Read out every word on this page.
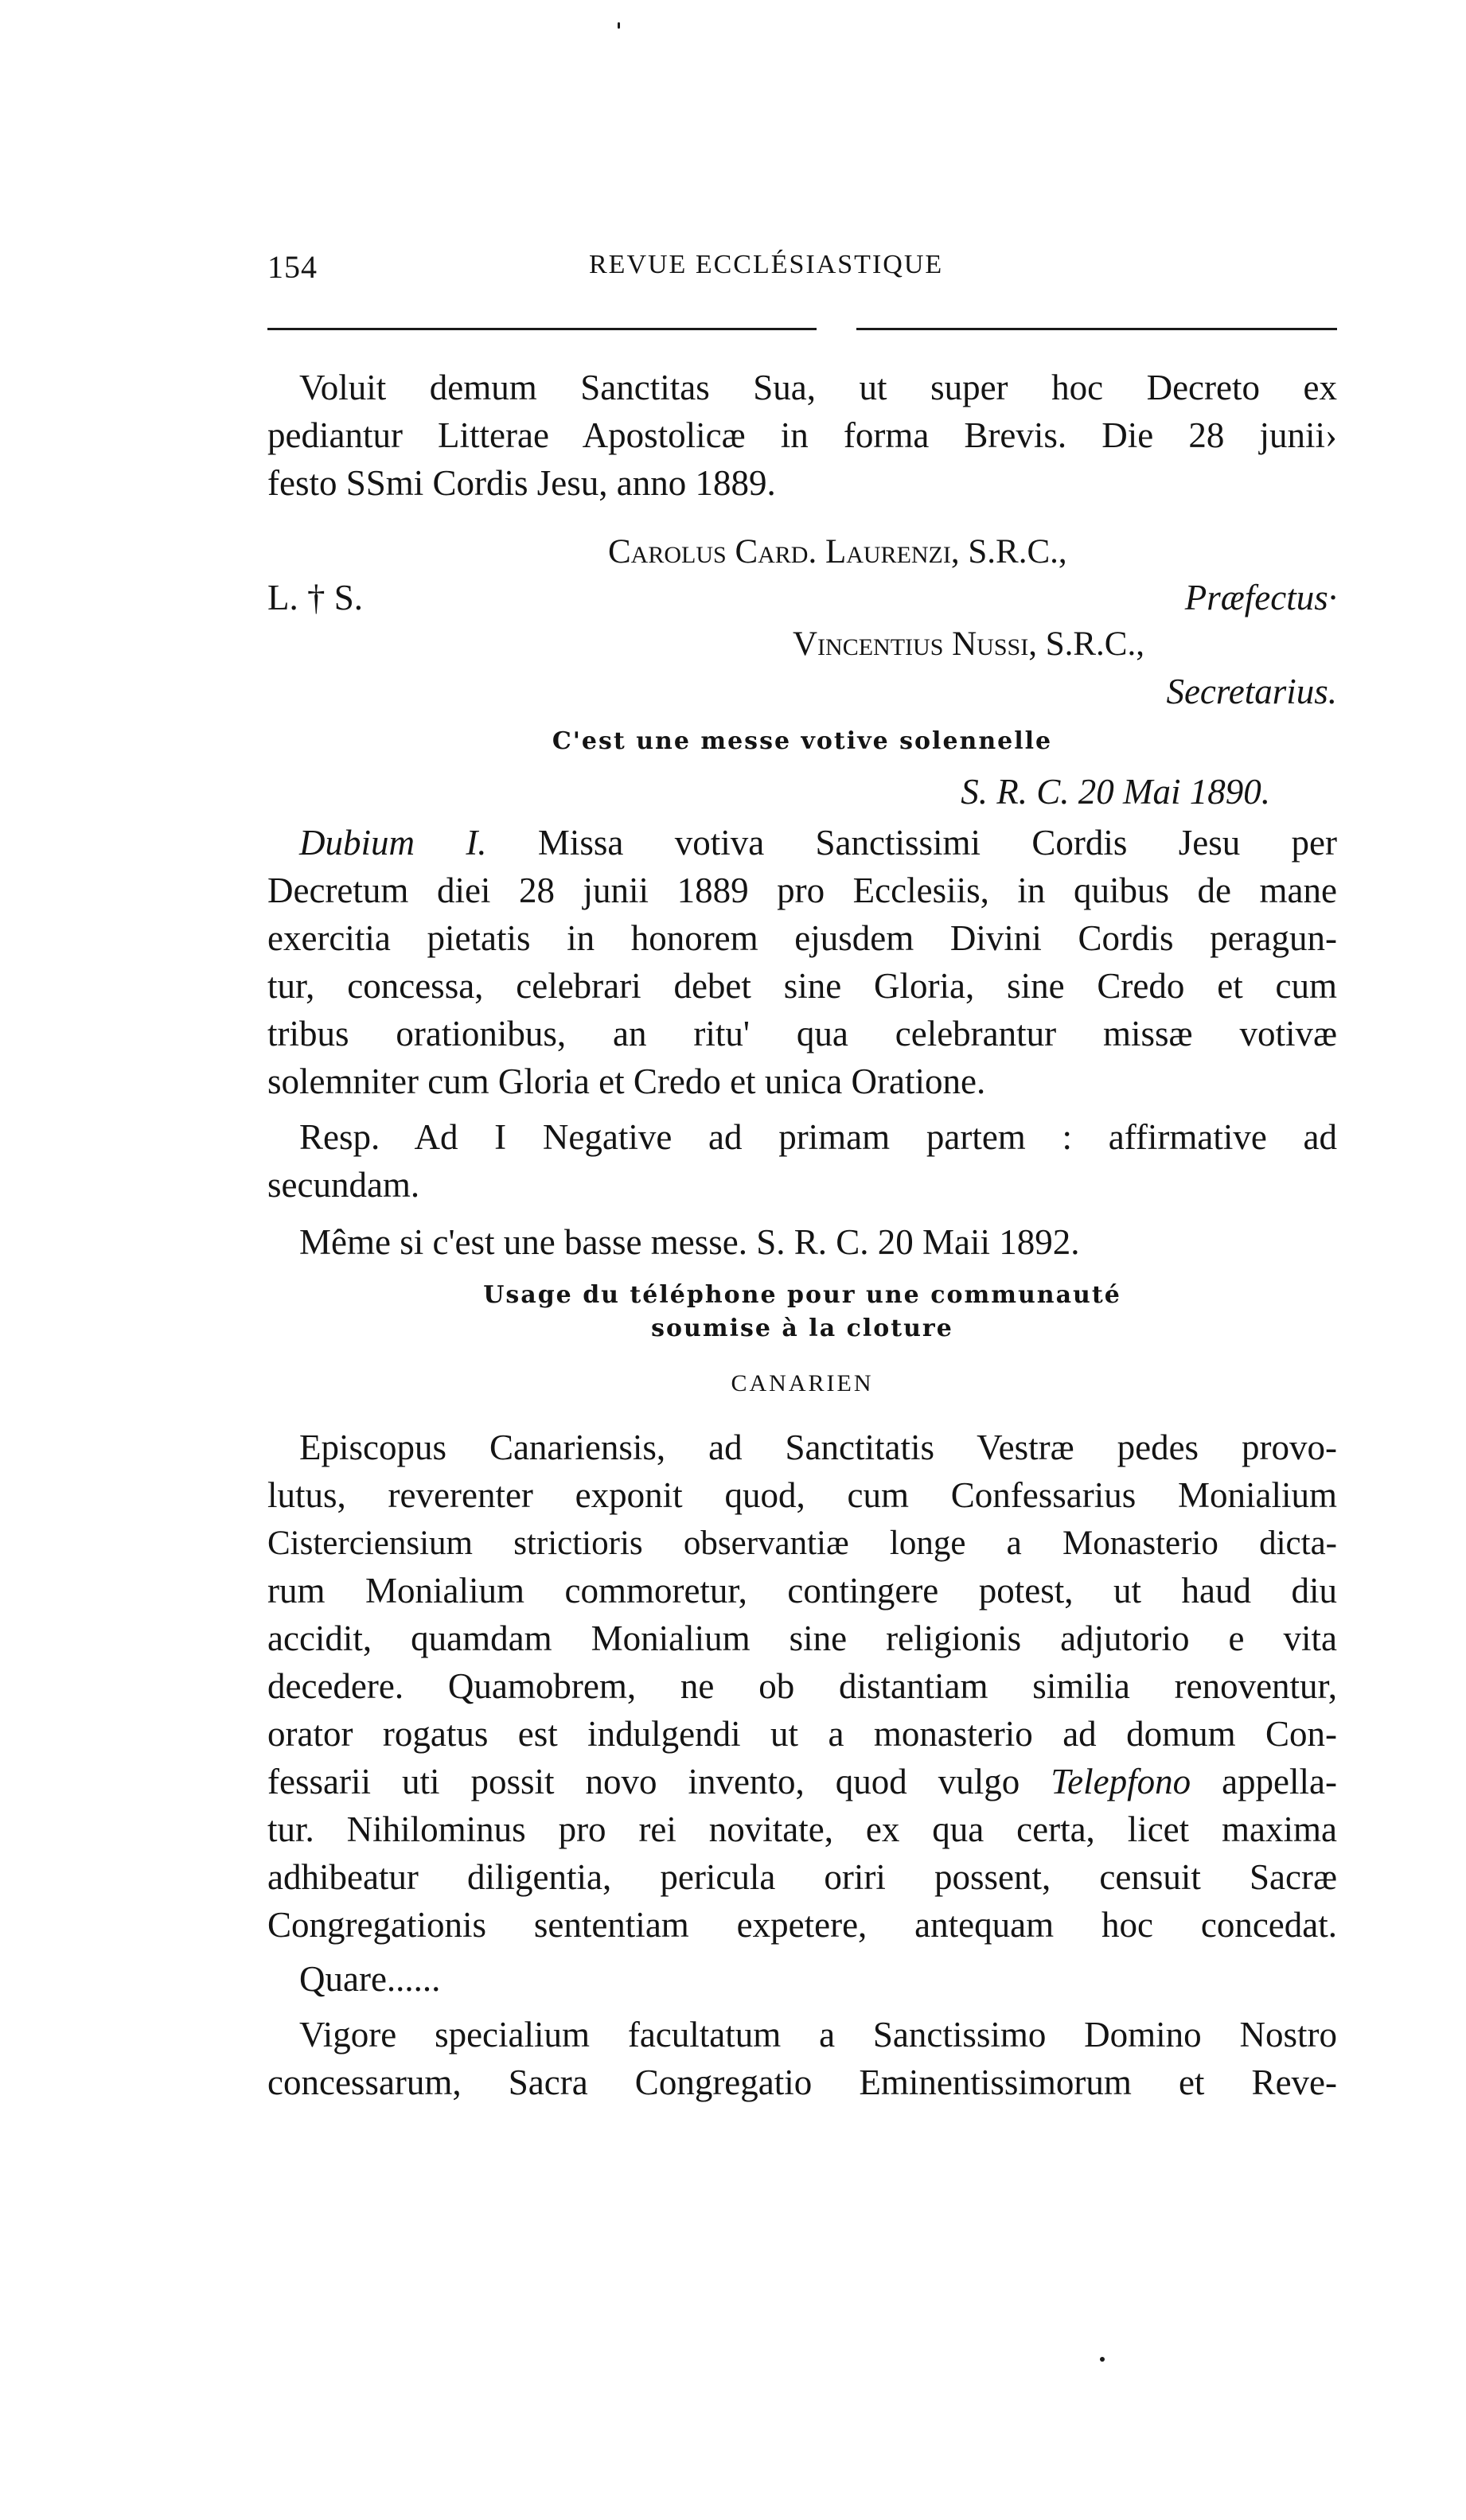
154	REVUE ECCLÉSIASTIQUE

Voluit demum Sanctitas Sua, ut super hoc Decreto ex

pediantur Litterae Apostolicæ in forma Brevis. Die 28 junii›

festo SSmi Cordis Jesu, anno 1889.

Carolus Card. Laurenzi, S.R.C.,

L. † S.	Præfectus·

Vincentius Nussi, S.R.C.,

Secretarius.

C'est une messe votive solennelle

S. R. C. 20 Mai 1890.

Dubium I. Missa votiva Sanctissimi Cordis Jesu per

Decretum diei 28 junii 1889 pro Ecclesiis, in quibus de mane

exercitia pietatis in honorem ejusdem Divini Cordis peragun-

tur, concessa, celebrari debet sine Gloria, sine Credo et cum

tribus orationibus, an ritu' qua celebrantur missæ votivæ

solemniter cum Gloria et Credo et unica Oratione.

Resp. Ad I Negative ad primam partem : affirmative ad

secundam.

Même si c'est une basse messe. S. R. C. 20 Maii 1892.

Usage du téléphone pour une communauté

soumise à la cloture

CANARIEN

Episcopus Canariensis, ad Sanctitatis Vestræ pedes provo-

lutus, reverenter exponit quod, cum Confessarius Monialium

Cisterciensium strictioris observantiæ longe a Monasterio dicta-

rum Monialium commoretur, contingere potest, ut haud diu

accidit, quamdam Monialium sine religionis adjutorio e vita

decedere. Quamobrem, ne ob distantiam similia renoventur,

orator rogatus est indulgendi ut a monasterio ad domum Con-

fessarii uti possit novo invento, quod vulgo Telepfono appella-

tur. Nihilominus pro rei novitate, ex qua certa, licet maxima

adhibeatur diligentia, pericula oriri possent, censuit Sacræ

Congregationis sententiam expetere, antequam hoc concedat.

Quare......

Vigore specialium facultatum a Sanctissimo Domino Nostro

concessarum, Sacra Congregatio Eminentissimorum et Reve-
